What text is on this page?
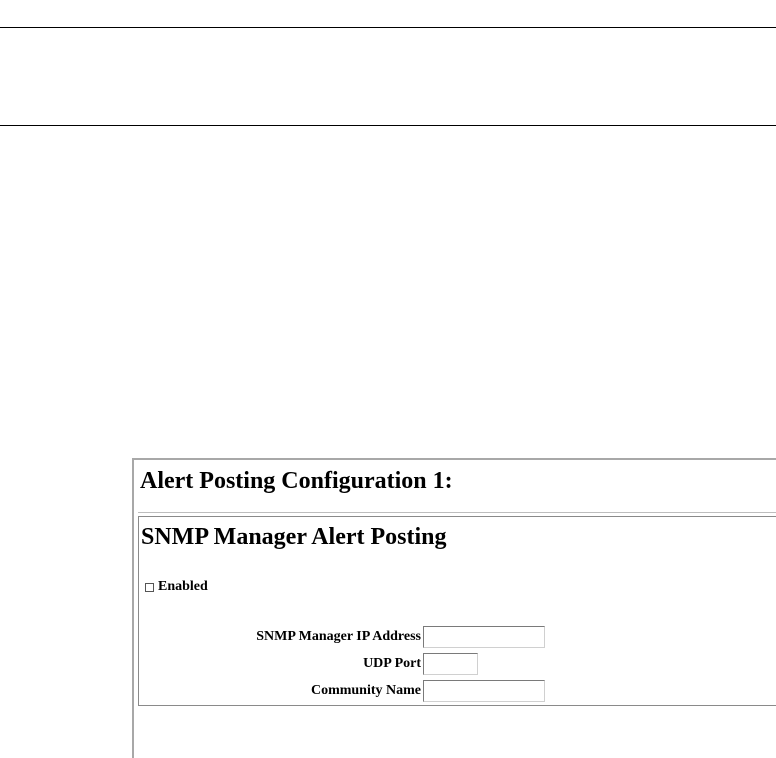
Alert Posting Configuration 1:
SNMP Manager Alert Posting
Enabled
SNMP Manager IP Address
UDP Port
Community Name
